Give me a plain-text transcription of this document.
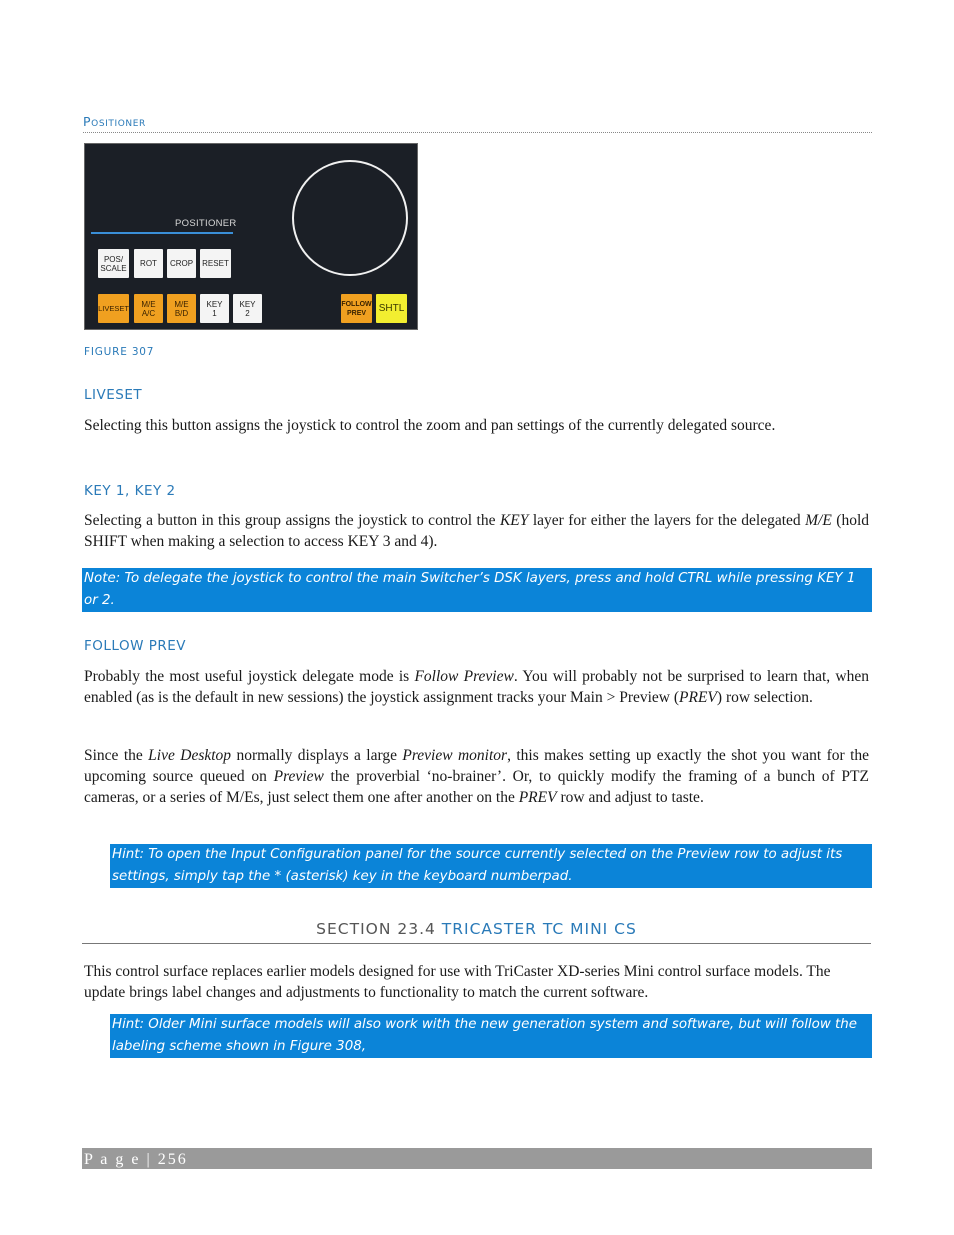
Positioner
POSITIONER
POS/
SCALE ROT CROP RESET
LIVESET M/E
A/C
M/E
B/D
KEY
1
KEY
2
FOLLOW
PREV SHTL
FIGURE 307
LIVESET
Selecting this button assigns the joystick to control the zoom and pan settings of the currently delegated source.
KEY 1, KEY 2
Selecting a button in this group assigns the joystick to control the KEY layer for either the layers for the delegated M/E (hold SHIFT when making a selection to access KEY 3 and 4).
Note: To delegate the joystick to control the main Switcher’s DSK layers, press and hold CTRL while pressing KEY 1 or 2.
FOLLOW PREV
Probably the most useful joystick delegate mode is Follow Preview. You will probably not be surprised to learn that, when enabled (as is the default in new sessions) the joystick assignment tracks your Main > Preview (PREV) row selection.
Since the Live Desktop normally displays a large Preview monitor, this makes setting up exactly the shot you want for the upcoming source queued on Preview the proverbial ‘no-brainer’. Or, to quickly modify the framing of a bunch of PTZ cameras, or a series of M/Es, just select them one after another on the PREV row and adjust to taste.
Hint: To open the Input Configuration panel for the source currently selected on the Preview row to adjust its settings, simply tap the * (asterisk) key in the keyboard numberpad.
SECTION 23.4 TRICASTER TC MINI CS
This control surface replaces earlier models designed for use with TriCaster XD-series Mini control surface models. The update brings label changes and adjustments to functionality to match the current software.
Hint: Older Mini surface models will also work with the new generation system and software, but will follow the labeling scheme shown in Figure 308,
P a g e | 256
